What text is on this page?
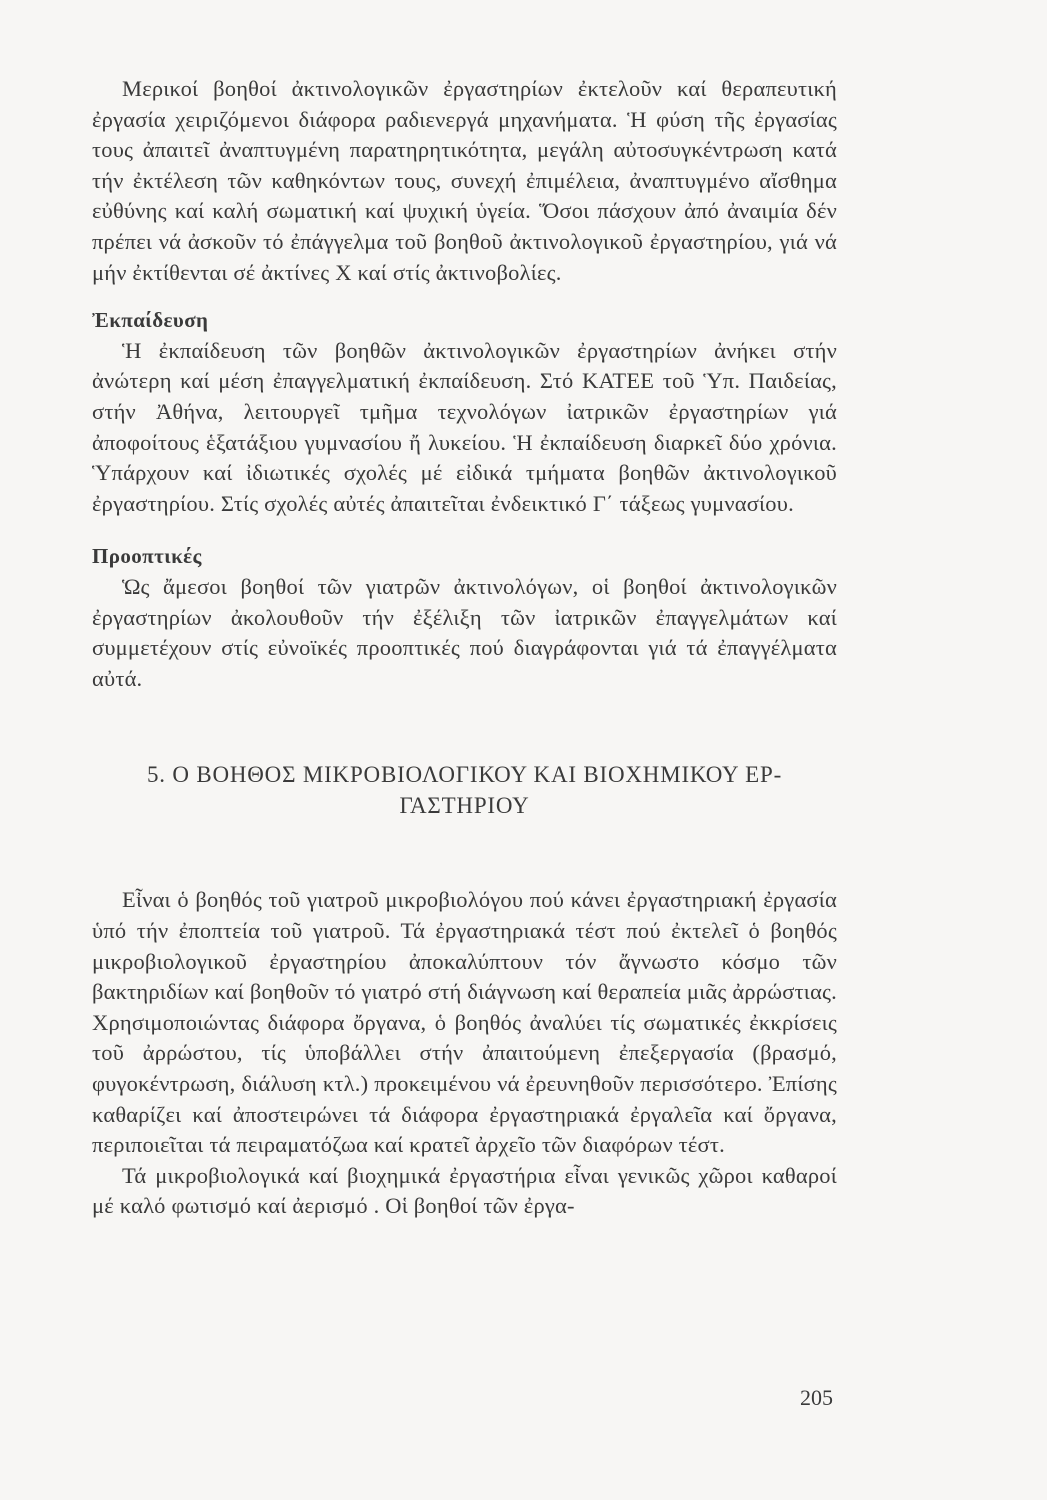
Μερικοί βοηθοί ἀκτινολογικῶν ἐργαστηρίων ἐκτελοῦν καί θεραπευτική ἐργασία χειριζόμενοι διάφορα ραδιενεργά μηχανήματα. Ἡ φύση τῆς ἐργασίας τους ἀπαιτεῖ ἀναπτυγμένη παρατηρητικότητα, μεγάλη αὐτοσυγκέντρωση κατά τήν ἐκτέλεση τῶν καθηκόντων τους, συνεχή ἐπιμέλεια, ἀναπτυγμένο αἴσθημα εὐθύνης καί καλή σωματική καί ψυχική ὑγεία. Ὅσοι πάσχουν ἀπό ἀναιμία δέν πρέπει νά ἀσκοῦν τό ἐπάγγελμα τοῦ βοηθοῦ ἀκτινολογικοῦ ἐργαστηρίου, γιά νά μήν ἐκτίθενται σέ ἀκτίνες X καί στίς ἀκτινοβολίες.

Ἐκπαίδευση

Ἡ ἐκπαίδευση τῶν βοηθῶν ἀκτινολογικῶν ἐργαστηρίων ἀνήκει στήν ἀνώτερη καί μέση ἐπαγγελματική ἐκπαίδευση. Στό ΚΑΤΕΕ τοῦ Ὑπ. Παιδείας, στήν Ἀθήνα, λειτουργεῖ τμῆμα τεχνολόγων ἰατρικῶν ἐργαστηρίων γιά ἀποφοίτους ἑξατάξιου γυμνασίου ἤ λυκείου. Ἡ ἐκπαίδευση διαρκεῖ δύο χρόνια. Ὑπάρχουν καί ἰδιωτικές σχολές μέ εἰδικά τμήματα βοηθῶν ἀκτινολογικοῦ ἐργαστηρίου. Στίς σχολές αὐτές ἀπαιτεῖται ἐνδεικτικό Γ΄ τάξεως γυμνασίου.

Προοπτικές

Ὡς ἄμεσοι βοηθοί τῶν γιατρῶν ἀκτινολόγων, οἱ βοηθοί ἀκτινολογικῶν ἐργαστηρίων ἀκολουθοῦν τήν ἐξέλιξη τῶν ἰατρικῶν ἐπαγγελμάτων καί συμμετέχουν στίς εὐνοϊκές προοπτικές πού διαγράφονται γιά τά ἐπαγγέλματα αὐτά.

5. Ο ΒΟΗΘΟΣ ΜΙΚΡΟΒΙΟΛΟΓΙΚΟΥ ΚΑΙ ΒΙΟΧΗΜΙΚΟΥ ΕΡ-
ΓΑΣΤΗΡΙΟΥ

Εἶναι ὁ βοηθός τοῦ γιατροῦ μικροβιολόγου πού κάνει ἐργαστηριακή ἐργασία ὑπό τήν ἐποπτεία τοῦ γιατροῦ. Τά ἐργαστηριακά τέστ πού ἐκτελεῖ ὁ βοηθός μικροβιολογικοῦ ἐργαστηρίου ἀποκαλύπτουν τόν ἄγνωστο κόσμο τῶν βακτηριδίων καί βοηθοῦν τό γιατρό στή διάγνωση καί θεραπεία μιᾶς ἀρρώστιας. Χρησιμοποιώντας διάφορα ὄργανα, ὁ βοηθός ἀναλύει τίς σωματικές ἐκκρίσεις τοῦ ἀρρώστου, τίς ὑποβάλλει στήν ἀπαιτούμενη ἐπεξεργασία (βρασμό, φυγοκέντρωση, διάλυση κτλ.) προκειμένου νά ἐρευνηθοῦν περισσότερο. Ἐπίσης καθαρίζει καί ἀποστειρώνει τά διάφορα ἐργαστηριακά ἐργαλεῖα καί ὄργανα, περιποιεῖται τά πειραματόζωα καί κρατεῖ ἀρχεῖο τῶν διαφόρων τέστ.

Τά μικροβιολογικά καί βιοχημικά ἐργαστήρια εἶναι γενικῶς χῶροι καθαροί μέ καλό φωτισμό καί ἀερισμό . Οἱ βοηθοί τῶν ἐργα-

205
